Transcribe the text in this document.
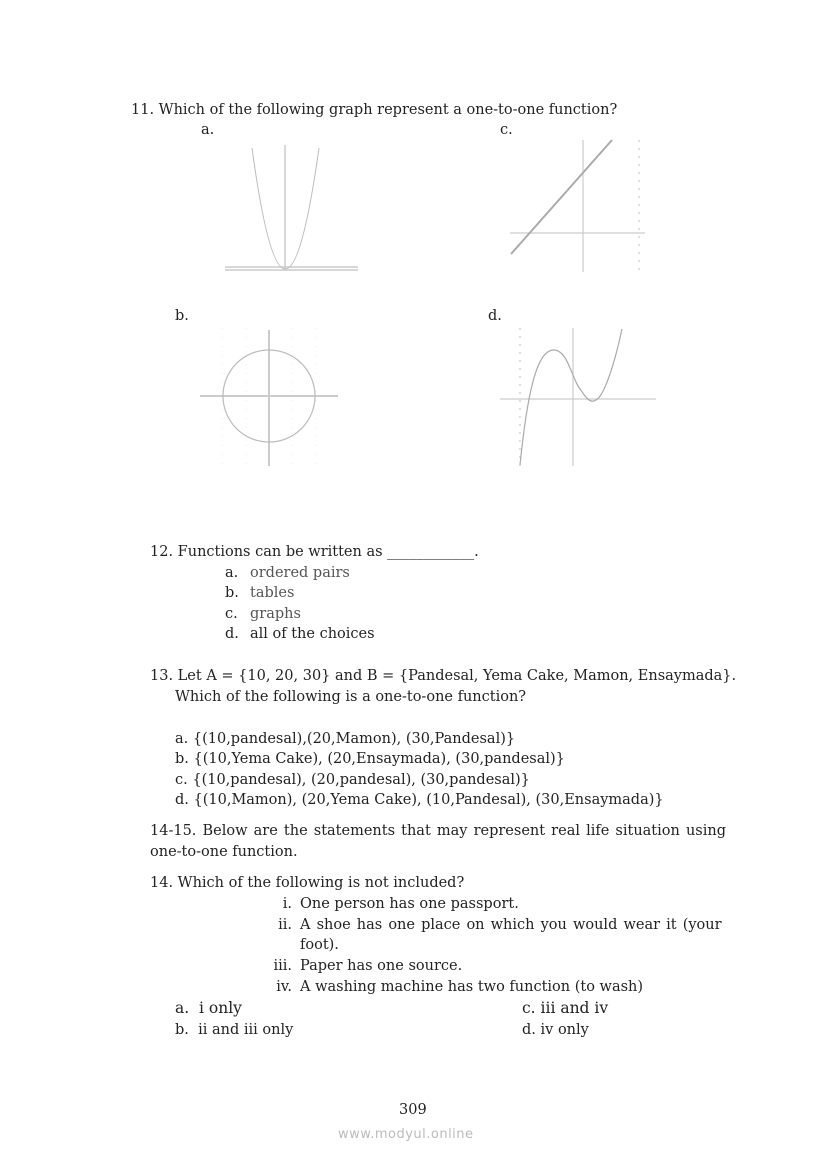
11. Which of the following graph represent a one-to-one function?
a.	c.
b.	d.
12. Functions can be written as ____________.
a. ordered pairs
b. tables
c. graphs
d. all of the choices
13. Let A = {10, 20, 30} and B = {Pandesal, Yema Cake, Mamon, Ensaymada}.
Which of the following is a one-to-one function?
a. {(10,pandesal),(20,Mamon), (30,Pandesal)}
b. {(10,Yema Cake), (20,Ensaymada), (30,pandesal)}
c. {(10,pandesal), (20,pandesal), (30,pandesal)}
d. {(10,Mamon), (20,Yema Cake), (10,Pandesal), (30,Ensaymada)}
14-15. Below are the statements that may represent real life situation using
one-to-one function.
14. Which of the following is not included?
i. One person has one passport.
ii. A shoe has one place on which you would wear it (your
foot).
iii. Paper has one source.
iv. A washing machine has two function (to wash)
a.  i only
b.  ii and iii only
c. iii and iv
d. iv only
309
www.modyul.online
